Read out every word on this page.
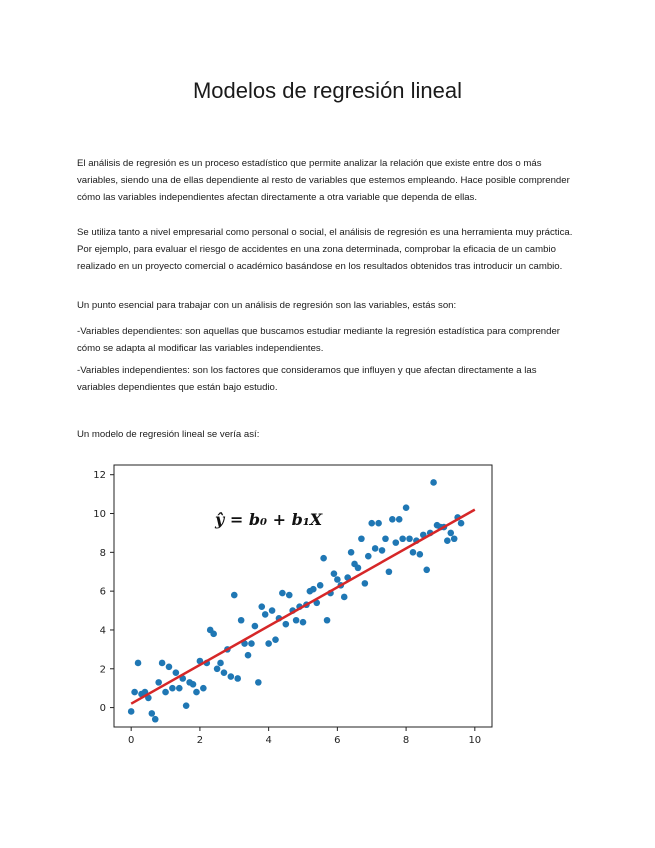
Modelos de regresión lineal

El análisis de regresión es un proceso estadístico que permite analizar la relación que existe entre dos o más variables, siendo una de ellas dependiente al resto de variables que estemos empleando. Hace posible comprender cómo las variables independientes afectan directamente a otra variable que dependa de ellas.

Se utiliza tanto a nivel empresarial como personal o social, el análisis de regresión es una herramienta muy práctica. Por ejemplo, para evaluar el riesgo de accidentes en una zona determinada, comprobar la eficacia de un cambio realizado en un proyecto comercial o académico basándose en los resultados obtenidos tras introducir un cambio.

Un punto esencial para trabajar con un análisis de regresión son las variables, estás son:

-Variables dependientes: son aquellas que buscamos estudiar mediante la regresión estadística para comprender cómo se adapta al modificar las variables independientes.

-Variables independientes: son los factores que consideramos que influyen y que afectan directamente a las variables dependientes que están bajo estudio.

Un modelo de regresión lineal se vería así:

0	2	4	6	8	10
0
2
4
6
8
10
12
ŷ = b₀ + b₁X
